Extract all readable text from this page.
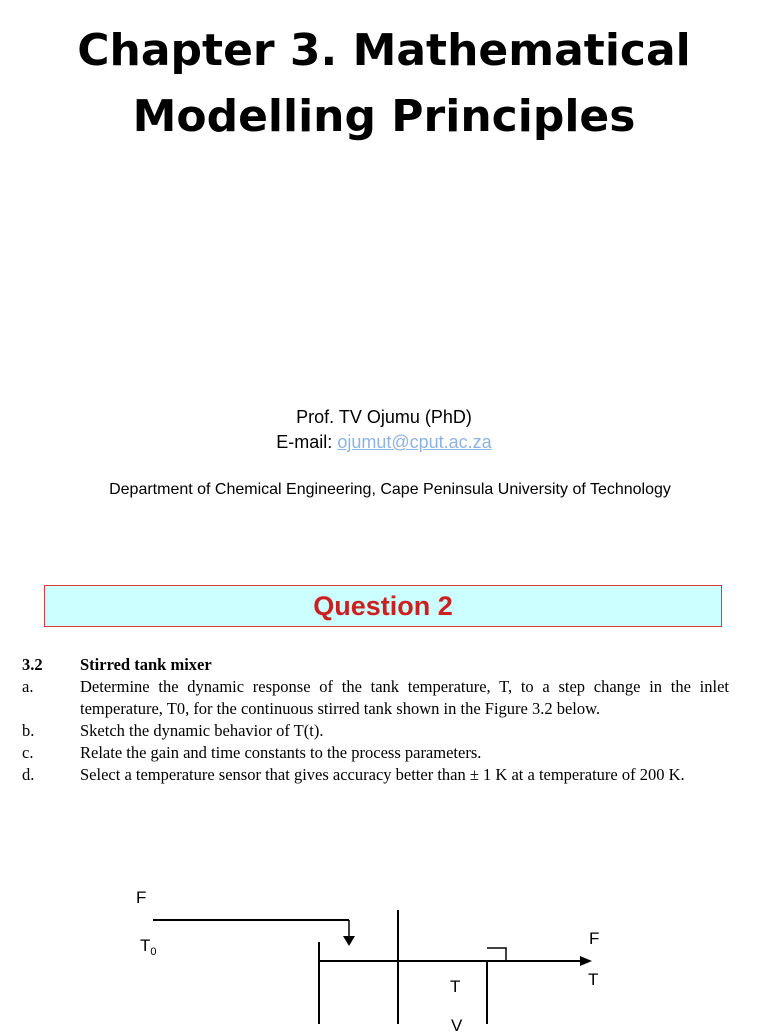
Chapter 3. Mathematical
Modelling Principles
Prof. TV Ojumu (PhD)
E-mail: ojumut@cput.ac.za
Department of Chemical Engineering, Cape Peninsula University of Technology
Question 2
3.2	Stirred tank mixer
a.	Determine the dynamic response of the tank temperature, T, to a step change in the inlet temperature, T0, for the continuous stirred tank shown in the Figure 3.2 below.
b.	Sketch the dynamic behavior of T(t).
c.	Relate the gain and time constants to the process parameters.
d.	Select a temperature sensor that gives accuracy better than ± 1 K at a temperature of 200 K.
F
$T_0$
F
T
T
V
